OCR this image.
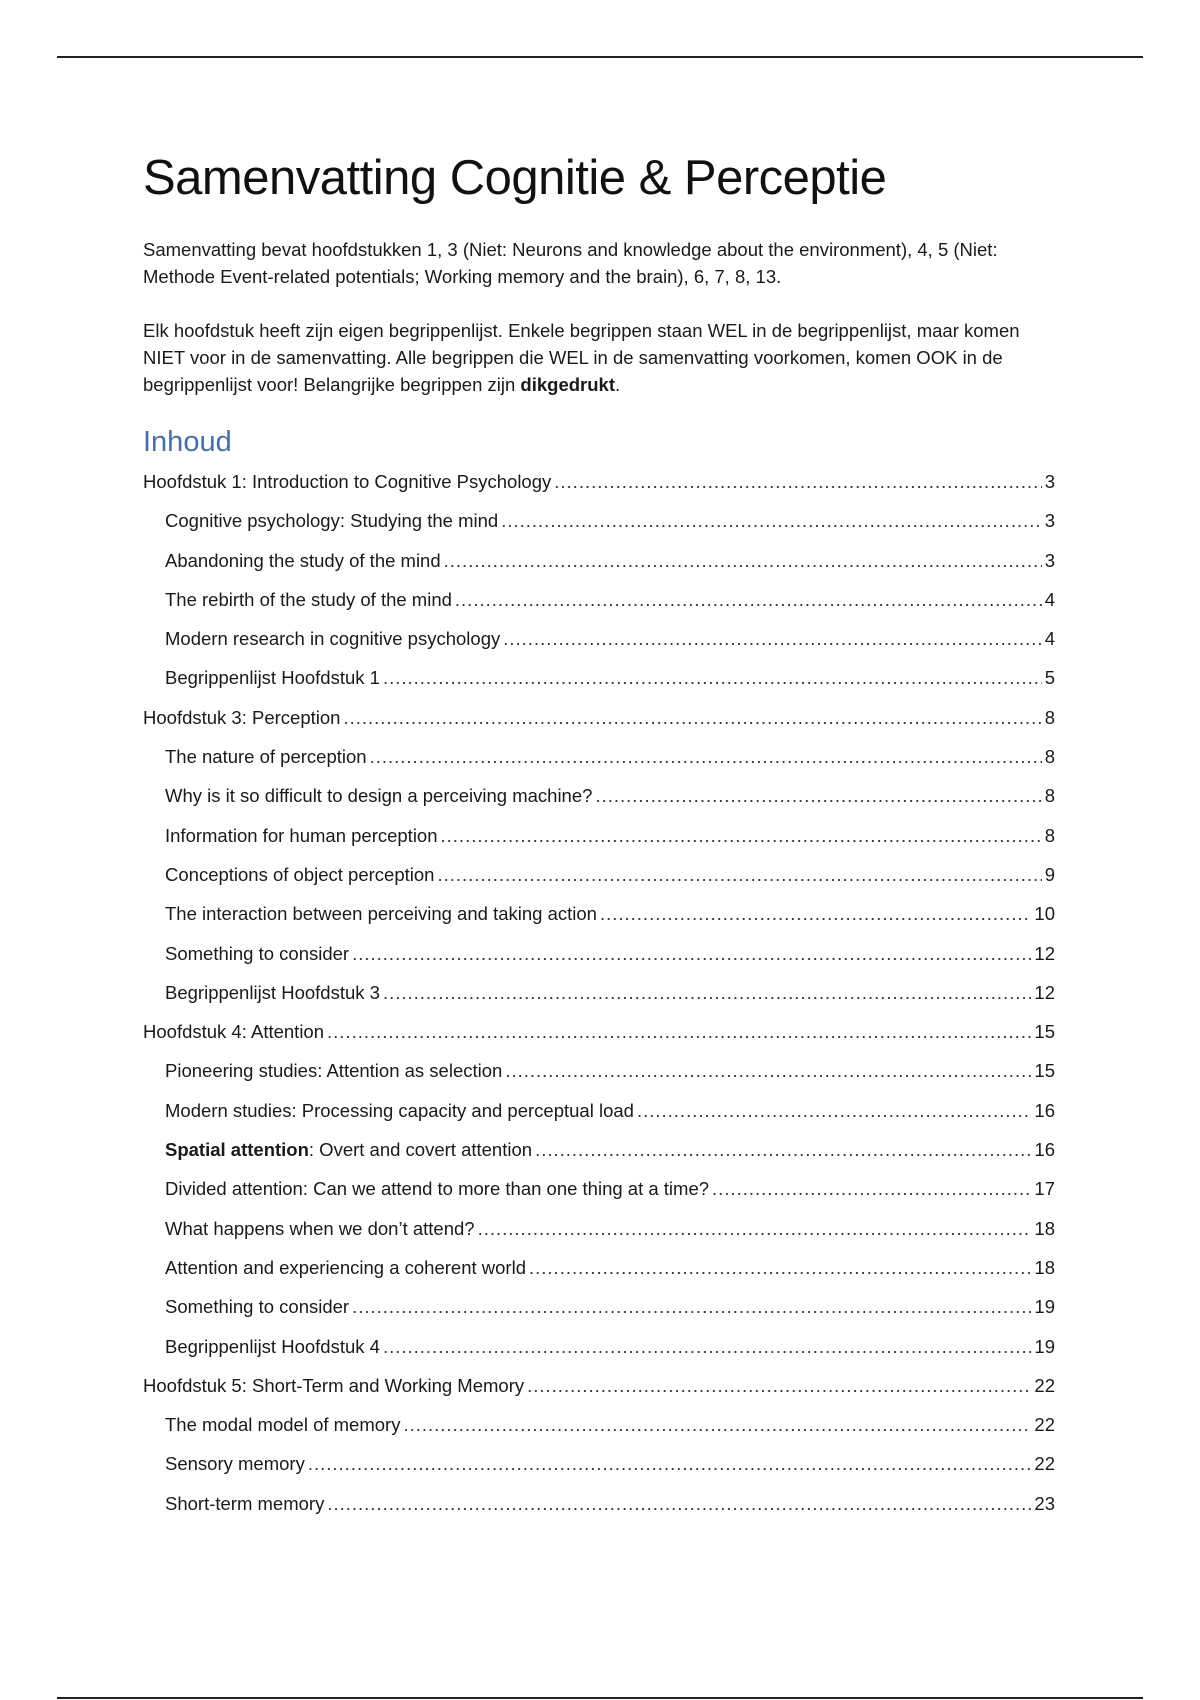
Samenvatting Cognitie & Perceptie

Samenvatting bevat hoofdstukken 1, 3 (Niet: Neurons and knowledge about the environment), 4, 5 (Niet: Methode Event-related potentials; Working memory and the brain), 6, 7, 8, 13.

Elk hoofdstuk heeft zijn eigen begrippenlijst. Enkele begrippen staan WEL in de begrippenlijst, maar komen NIET voor in de samenvatting. Alle begrippen die WEL in de samenvatting voorkomen, komen OOK in de begrippenlijst voor! Belangrijke begrippen zijn dikgedrukt.

Inhoud
Hoofdstuk 1: Introduction to Cognitive Psychology .....	3
Cognitive psychology: Studying the mind .....	3
Abandoning the study of the mind .....	3
The rebirth of the study of the mind .....	4
Modern research in cognitive psychology .....	4
Begrippenlijst Hoofdstuk 1 .....	5
Hoofdstuk 3: Perception .....	8
The nature of perception .....	8
Why is it so difficult to design a perceiving machine? .....	8
Information for human perception .....	8
Conceptions of object perception .....	9
The interaction between perceiving and taking action .....	10
Something to consider .....	12
Begrippenlijst Hoofdstuk 3 .....	12
Hoofdstuk 4: Attention .....	15
Pioneering studies: Attention as selection .....	15
Modern studies: Processing capacity and perceptual load .....	16
Spatial attention: Overt and covert attention .....	16
Divided attention: Can we attend to more than one thing at a time? .....	17
What happens when we don’t attend? .....	18
Attention and experiencing a coherent world .....	18
Something to consider .....	19
Begrippenlijst Hoofdstuk 4 .....	19
Hoofdstuk 5: Short-Term and Working Memory .....	22
The modal model of memory .....	22
Sensory memory .....	22
Short-term memory .....	23
